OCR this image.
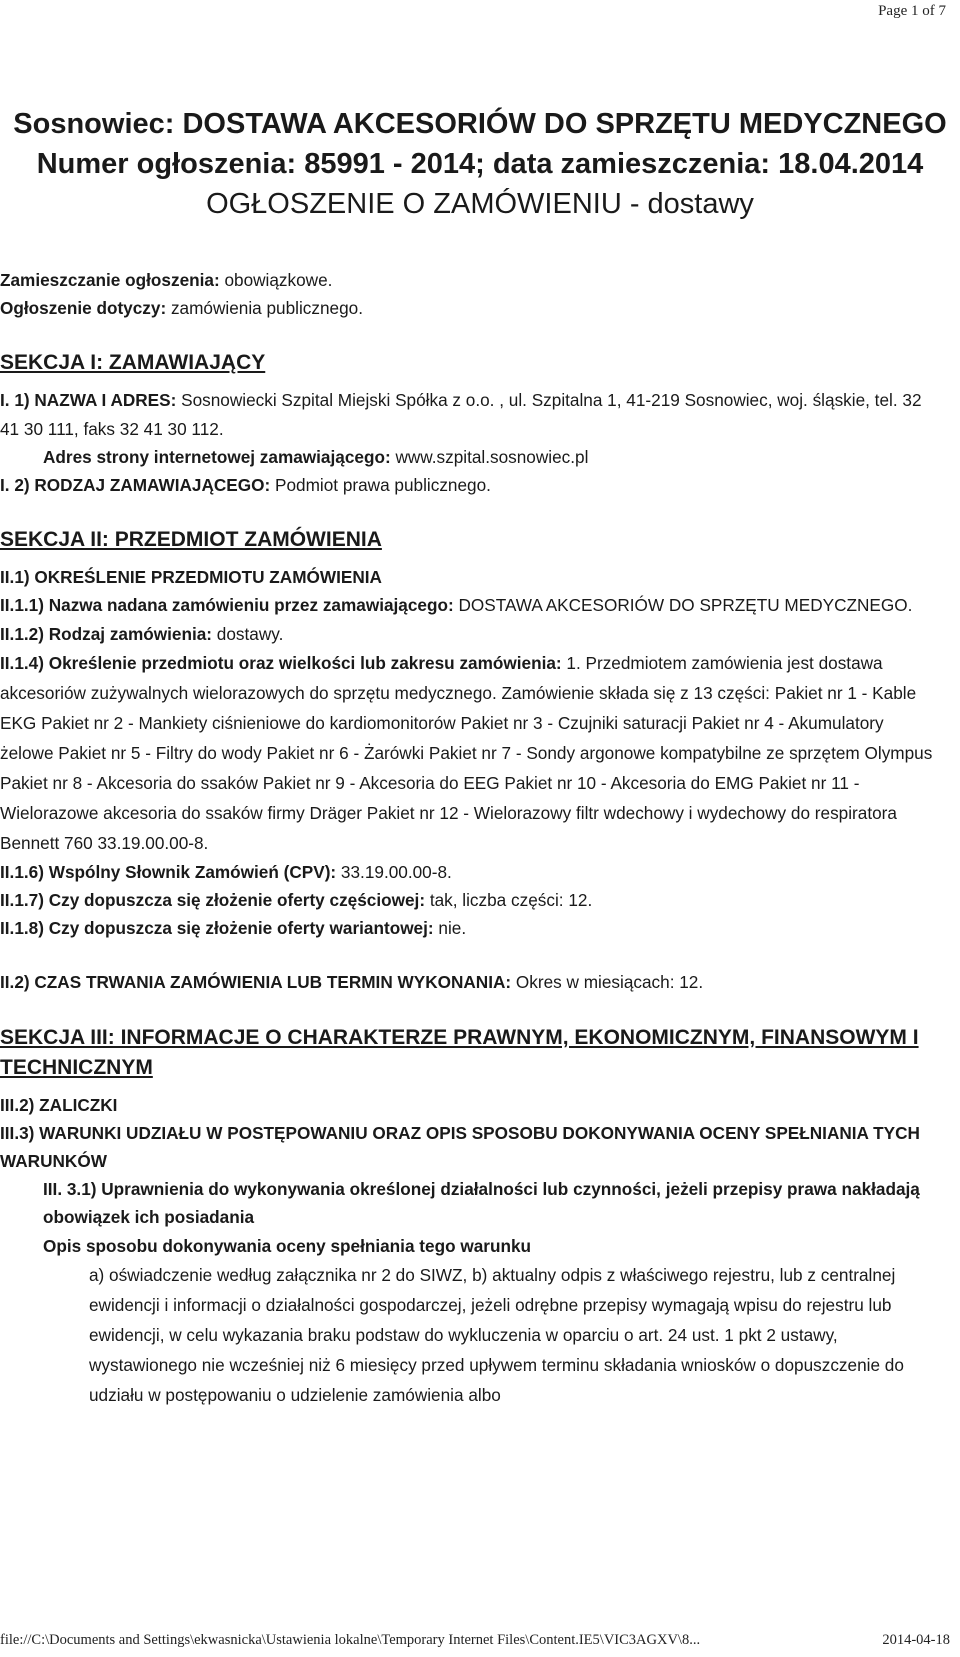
Page 1 of 7

Sosnowiec: DOSTAWA AKCESORIÓW DO SPRZĘTU MEDYCZNEGO

Numer ogłoszenia: 85991 - 2014; data zamieszczenia: 18.04.2014

OGŁOSZENIE O ZAMÓWIENIU - dostawy

Zamieszczanie ogłoszenia: obowiązkowe.

Ogłoszenie dotyczy: zamówienia publicznego.

SEKCJA I: ZAMAWIAJĄCY

I. 1) NAZWA I ADRES: Sosnowiecki Szpital Miejski Spółka z o.o. , ul. Szpitalna 1, 41-219 Sosnowiec, woj. śląskie, tel. 32 41 30 111, faks 32 41 30 112.

Adres strony internetowej zamawiającego: www.szpital.sosnowiec.pl

I. 2) RODZAJ ZAMAWIAJĄCEGO: Podmiot prawa publicznego.

SEKCJA II: PRZEDMIOT ZAMÓWIENIA

II.1) OKREŚLENIE PRZEDMIOTU ZAMÓWIENIA

II.1.1) Nazwa nadana zamówieniu przez zamawiającego: DOSTAWA AKCESORIÓW DO SPRZĘTU MEDYCZNEGO.

II.1.2) Rodzaj zamówienia: dostawy.

II.1.4) Określenie przedmiotu oraz wielkości lub zakresu zamówienia: 1. Przedmiotem zamówienia jest dostawa akcesoriów zużywalnych wielorazowych do sprzętu medycznego. Zamówienie składa się z 13 części: Pakiet nr 1 - Kable EKG Pakiet nr 2 - Mankiety ciśnieniowe do kardiomonitorów Pakiet nr 3 - Czujniki saturacji Pakiet nr 4 - Akumulatory żelowe Pakiet nr 5 - Filtry do wody Pakiet nr 6 - Żarówki Pakiet nr 7 - Sondy argonowe kompatybilne ze sprzętem Olympus Pakiet nr 8 - Akcesoria do ssaków Pakiet nr 9 - Akcesoria do EEG Pakiet nr 10 - Akcesoria do EMG Pakiet nr 11 - Wielorazowe akcesoria do ssaków firmy Dräger Pakiet nr 12 - Wielorazowy filtr wdechowy i wydechowy do respiratora Bennett 760 33.19.00.00-8.

II.1.6) Wspólny Słownik Zamówień (CPV): 33.19.00.00-8.

II.1.7) Czy dopuszcza się złożenie oferty częściowej: tak, liczba części: 12.

II.1.8) Czy dopuszcza się złożenie oferty wariantowej: nie.

II.2) CZAS TRWANIA ZAMÓWIENIA LUB TERMIN WYKONANIA: Okres w miesiącach: 12.

SEKCJA III: INFORMACJE O CHARAKTERZE PRAWNYM, EKONOMICZNYM, FINANSOWYM I TECHNICZNYM

III.2) ZALICZKI

III.3) WARUNKI UDZIAŁU W POSTĘPOWANIU ORAZ OPIS SPOSOBU DOKONYWANIA OCENY SPEŁNIANIA TYCH WARUNKÓW

III. 3.1) Uprawnienia do wykonywania określonej działalności lub czynności, jeżeli przepisy prawa nakładają obowiązek ich posiadania

Opis sposobu dokonywania oceny spełniania tego warunku

a) oświadczenie według załącznika nr 2 do SIWZ, b) aktualny odpis z właściwego rejestru, lub z centralnej ewidencji i informacji o działalności gospodarczej, jeżeli odrębne przepisy wymagają wpisu do rejestru lub ewidencji, w celu wykazania braku podstaw do wykluczenia w oparciu o art. 24 ust. 1 pkt 2 ustawy, wystawionego nie wcześniej niż 6 miesięcy przed upływem terminu składania wniosków o dopuszczenie do udziału w postępowaniu o udzielenie zamówienia albo

file://C:\Documents and Settings\ekwasnicka\Ustawienia lokalne\Temporary Internet Files\Content.IE5\VIC3AGXV\8...	2014-04-18
